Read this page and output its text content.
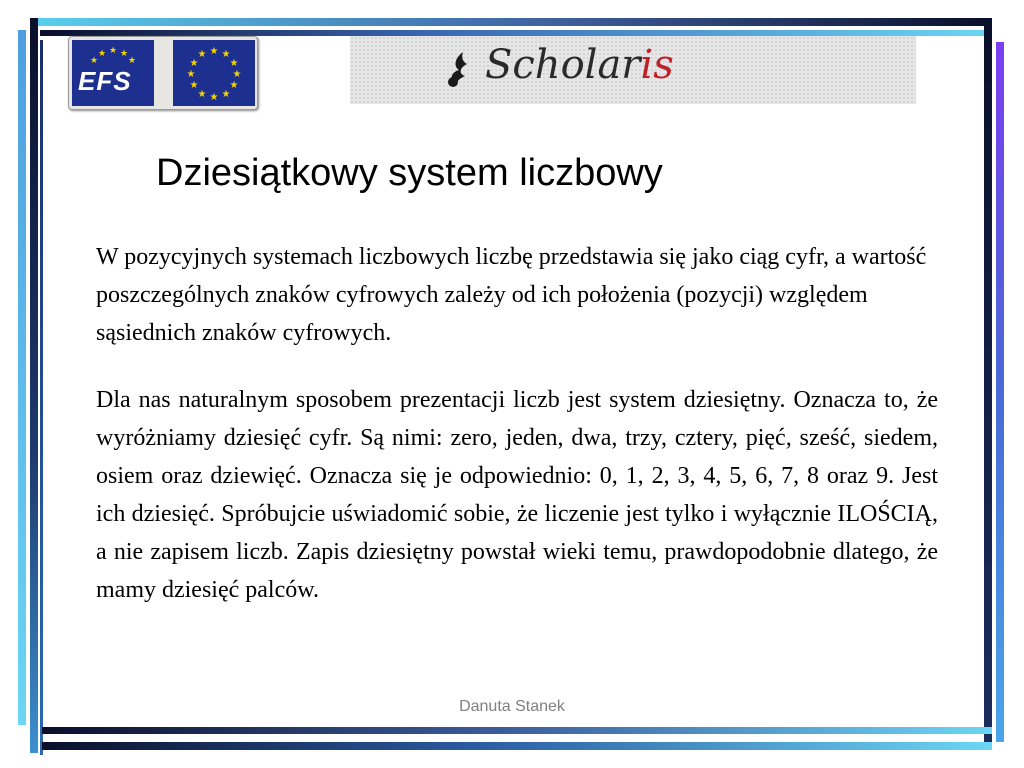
★ ★
★
★
★
EFS
★ ★
★
★
★
★
★
★
★
★
★ ★
Scholaris
Dziesiątkowy system liczbowy

W pozycyjnych systemach liczbowych liczbę przedstawia się jako ciąg cyfr, a wartość poszczególnych znaków cyfrowych zależy od ich położenia (pozycji) względem sąsiednich znaków cyfrowych.

Dla nas naturalnym sposobem prezentacji liczb jest system dziesiętny. Oznacza to, że wyróżniamy dziesięć cyfr. Są nimi: zero, jeden, dwa, trzy, cztery, pięć, sześć, siedem, osiem oraz dziewięć. Oznacza się je odpowiednio: 0, 1, 2, 3, 4, 5, 6, 7, 8 oraz 9. Jest ich dziesięć. Spróbujcie uświadomić sobie, że liczenie jest tylko i wyłącznie ILOŚCIĄ, a nie zapisem liczb. Zapis dziesiętny powstał wieki temu, prawdopodobnie dlatego, że mamy dziesięć palców.

Danuta Stanek
